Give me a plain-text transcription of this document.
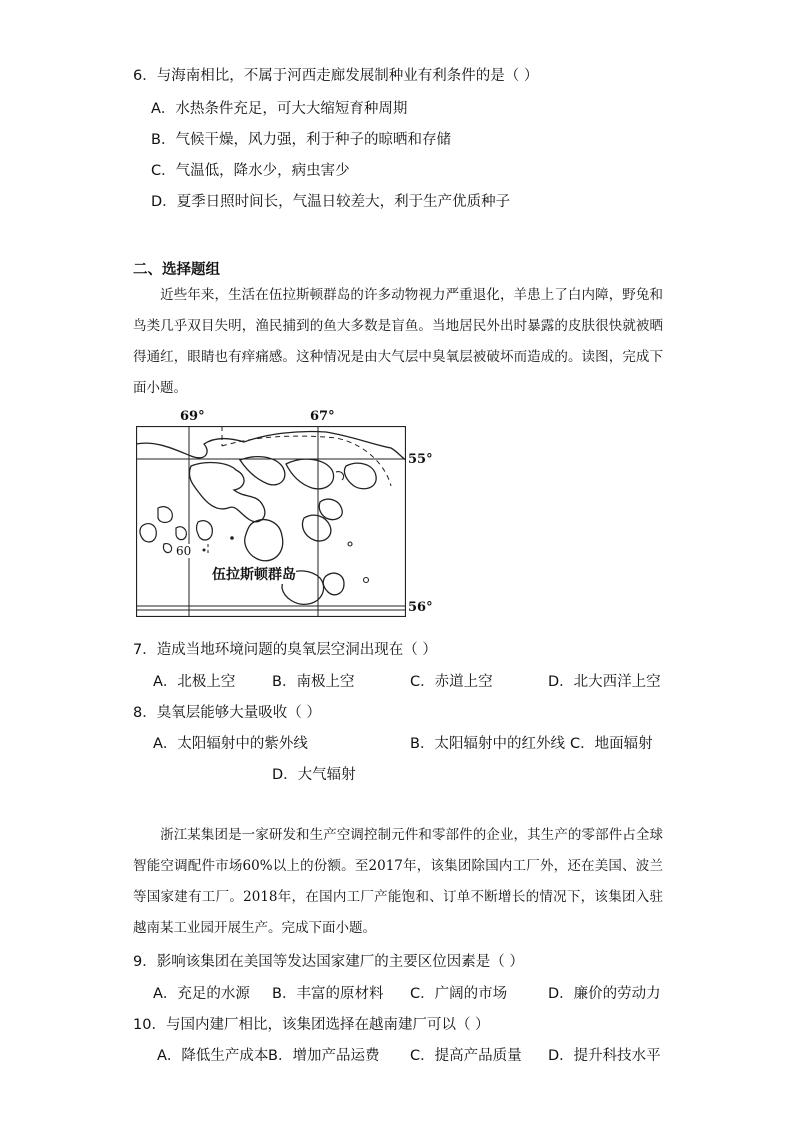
6．与海南相比，不属于河西走廊发展制种业有利条件的是（ ）
A．水热条件充足，可大大缩短育种周期
B．气候干燥，风力强，利于种子的晾晒和存储
C．气温低，降水少，病虫害少
D．夏季日照时间长，气温日较差大，利于生产优质种子
二、选择题组
近些年来，生活在伍拉斯顿群岛的许多动物视力严重退化，羊患上了白内障，野兔和鸟类几乎双目失明，渔民捕到的鱼大多数是盲鱼。当地居民外出时暴露的皮肤很快就被晒得通红，眼睛也有痒痛感。这种情况是由大气层中臭氧层被破坏而造成的。读图，完成下面小题。
69°	67°
55°
56°
60
伍拉斯顿群岛
7．造成当地环境问题的臭氧层空洞出现在（ ）
A．北极上空	B．南极上空	C．赤道上空	D．北大西洋上空
8．臭氧层能够大量吸收（ ）
A．太阳辐射中的紫外线	B．太阳辐射中的红外线 C．地面辐射
D．大气辐射
浙江某集团是一家研发和生产空调控制元件和零部件的企业，其生产的零部件占全球智能空调配件市场60%以上的份额。至2017年，该集团除国内工厂外，还在美国、波兰等国家建有工厂。2018年，在国内工厂产能饱和、订单不断增长的情况下，该集团入驻越南某工业园开展生产。完成下面小题。
9．影响该集团在美国等发达国家建厂的主要区位因素是（ ）
A．充足的水源 B．丰富的原材料 C．广阔的市场	D．廉价的劳动力
10．与国内建厂相比，该集团选择在越南建厂可以（ ）
A．降低生产成本 B．增加产品运费 C．提高产品质量 D．提升科技水平
